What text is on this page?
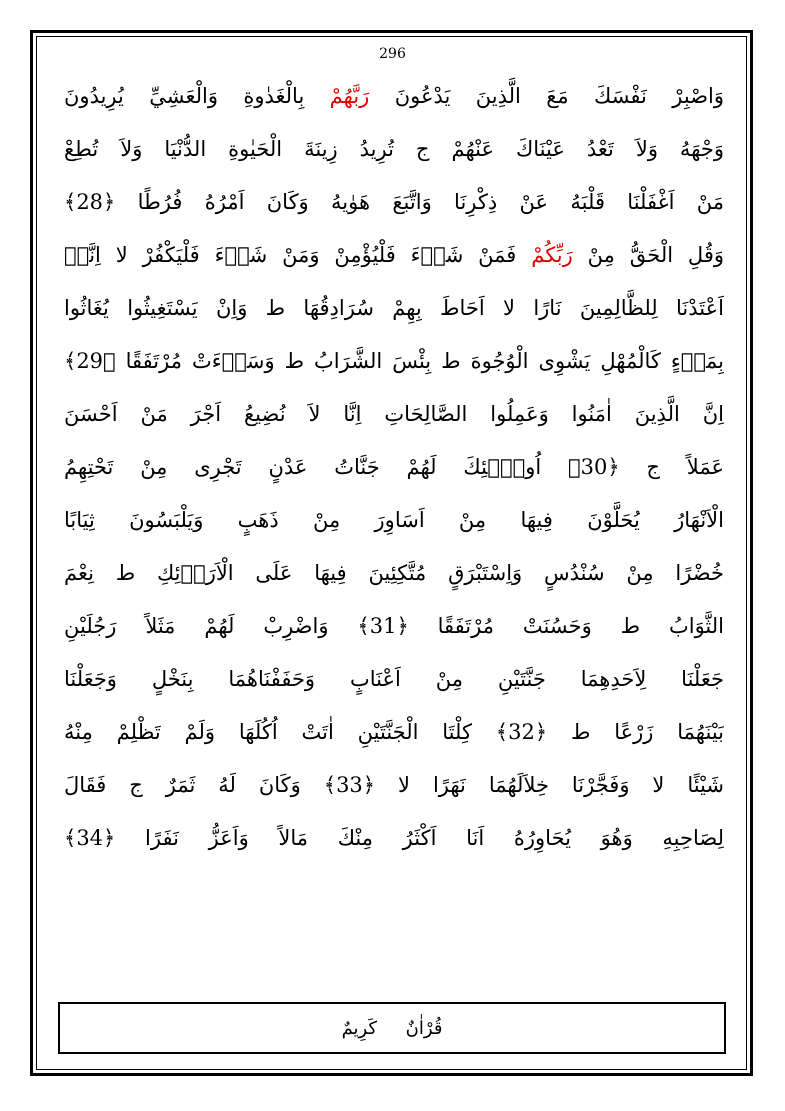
296
وَاصْبِرْ نَفْسَكَ مَعَ الَّذِينَ يَدْعُونَ رَبَّهُمْ بِالْغَدٰوةِ وَالْعَشِيِّ يُرِيدُونَ
وَجْهَهُ وَلاَ تَعْدُ عَيْنَاكَ عَنْهُمْ ج تُرِيدُ زِينَةَ الْحَيٰوةِ الدُّنْيَا وَلاَ تُطِعْ
مَنْ اَغْفَلْنَا قَلْبَهُ عَنْ ذِكْرِنَا وَاتَّبَعَ هَوٰيهُ وَكَانَ اَمْرُهُ فُرُطًا ﴿28﴾
وَقُلِ الْحَقُّ مِنْ رَبِّكُمْ فَمَنْ شَاۤءَ فَلْيُؤْمِنْ وَمَنْ شَاۤءَ فَلْيَكْفُرْ لا اِنَّاۤ
اَعْتَدْنَا لِلظَّالِمِينَ نَارًا لا اَحَاطَ بِهِمْ سُرَادِقُهَا ط وَاِنْ يَسْتَغِيثُوا يُغَاثُوا
بِمَاۤءٍ كَالْمُهْلِ يَشْوِى الْوُجُوهَ ط بِئْسَ الشَّرَابُ ط وَسَاۤءَتْ مُرْتَفَقًا ﴿29﴾
اِنَّ الَّذِينَ اٰمَنُوا وَعَمِلُوا الصَّالِحَاتِ اِنَّا لاَ نُضِيعُ اَجْرَ مَنْ اَحْسَنَ
عَمَلاً ج ﴿30﴾ اُولٰۤئِكَ لَهُمْ جَنَّاتُ عَدْنٍ تَجْرِى مِنْ تَحْتِهِمُ
الْاَنْهَارُ يُحَلَّوْنَ فِيهَا مِنْ اَسَاوِرَ مِنْ ذَهَبٍ وَيَلْبَسُونَ ثِيَابًا
خُضْرًا مِنْ سُنْدُسٍ وَاِسْتَبْرَقٍ مُتَّكِئِينَ فِيهَا عَلَى الْاَرَاۤئِكِ ط نِعْمَ
الثَّوَابُ ط وَحَسُنَتْ مُرْتَفَقًا ﴿31﴾ وَاضْرِبْ لَهُمْ مَثَلاً رَجُلَيْنِ
جَعَلْنَا لِاَحَدِهِمَا جَنَّتَيْنِ مِنْ اَعْنَابٍ وَحَفَفْنَاهُمَا بِنَخْلٍ وَجَعَلْنَا
بَيْنَهُمَا زَرْعًا ط ﴿32﴾ كِلْتَا الْجَنَّتَيْنِ اٰتَتْ اُكُلَهَا وَلَمْ تَظْلِمْ مِنْهُ
شَيْئًا لا وَفَجَّرْنَا خِلاَلَهُمَا نَهَرًا لا ﴿33﴾ وَكَانَ لَهُ ثَمَرٌ ج فَقَالَ
لِصَاحِبِهِ وَهُوَ يُحَاوِرُهُ اَنَا اَكْثَرُ مِنْكَ مَالاً وَاَعَزُّ نَفَرًا ﴿34﴾
قُرْاٰنٌ

كَرِيمٌ
